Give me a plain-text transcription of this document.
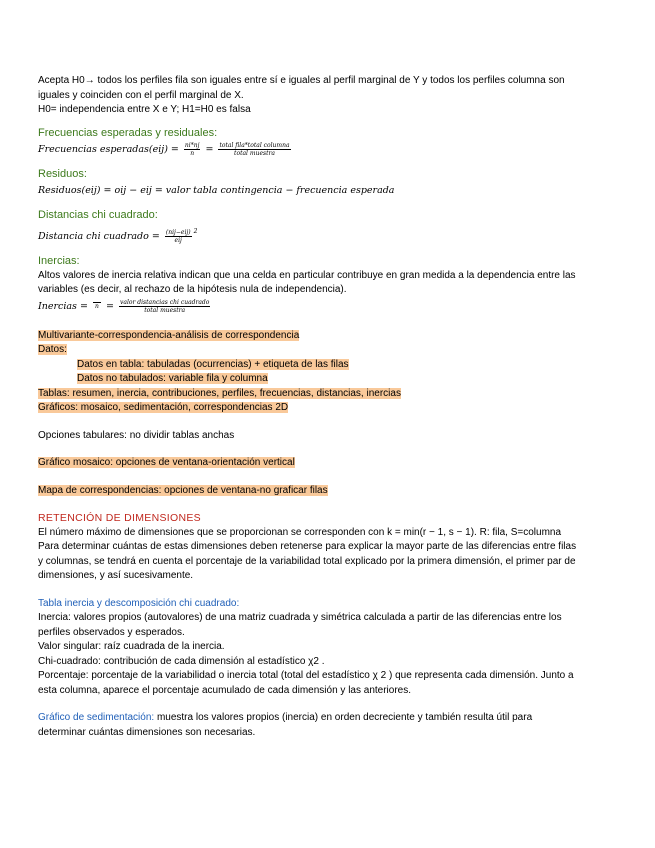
Acepta H0→ todos los perfiles fila son iguales entre sí e iguales al perfil marginal de Y y todos los perfiles columna son

iguales y coinciden con el perfil marginal de X.

H0= independencia entre X e Y; H1=H0 es falsa

Frecuencias esperadas y residuales:

Frecuencias esperadas(eij) = $\frac{ni*nj}{n} = \frac{\text{total fila*total columna}}{\text{total muestra}}$

Residuos:

Residuos(eij) = oij − eij = valor tabla contingencia − frecuencia esperada

Distancias chi cuadrado:

Distancia chi cuadrado = $\frac{\text{(nij−eij)}}{\text{eij}} ^2$

Inercias:

Altos valores de inercia relativa indican que una celda en particular contribuye en gran medida a la dependencia entre las

variables (es decir, al rechazo de la hipótesis nula de independencia).

Inercias = $n = \frac{\text{valor distancias chi cuadrado}}{\text{total muestra}}$

Multivariante-correspondencia-análisis de correspondencia

Datos:

Datos en tabla: tabuladas (ocurrencias) + etiqueta de las filas

Datos no tabulados: variable fila y columna

Tablas: resumen, inercia, contribuciones, perfiles, frecuencias, distancias, inercias

Gráficos: mosaico, sedimentación, correspondencias 2D

Opciones tabulares: no dividir tablas anchas

Gráfico mosaico: opciones de ventana-orientación vertical

Mapa de correspondencias: opciones de ventana-no graficar filas

RETENCIÓN DE DIMENSIONES

El número máximo de dimensiones que se proporcionan se corresponden con k = min(r − 1, s − 1). R: fila, S=columna

Para determinar cuántas de estas dimensiones deben retenerse para explicar la mayor parte de las diferencias entre filas

y columnas, se tendrá en cuenta el porcentaje de la variabilidad total explicado por la primera dimensión, el primer par de

dimensiones, y así sucesivamente.

Tabla inercia y descomposición chi cuadrado:

Inercia: valores propios (autovalores) de una matriz cuadrada y simétrica calculada a partir de las diferencias entre los

perfiles observados y esperados.

Valor singular: raíz cuadrada de la inercia.

Chi-cuadrado: contribución de cada dimensión al estadístico χ2 .

Porcentaje: porcentaje de la variabilidad o inercia total (total del estadístico χ 2 ) que representa cada dimensión. Junto a

esta columna, aparece el porcentaje acumulado de cada dimensión y las anteriores.

Gráfico de sedimentación: muestra los valores propios (inercia) en orden decreciente y también resulta útil para

determinar cuántas dimensiones son necesarias.
